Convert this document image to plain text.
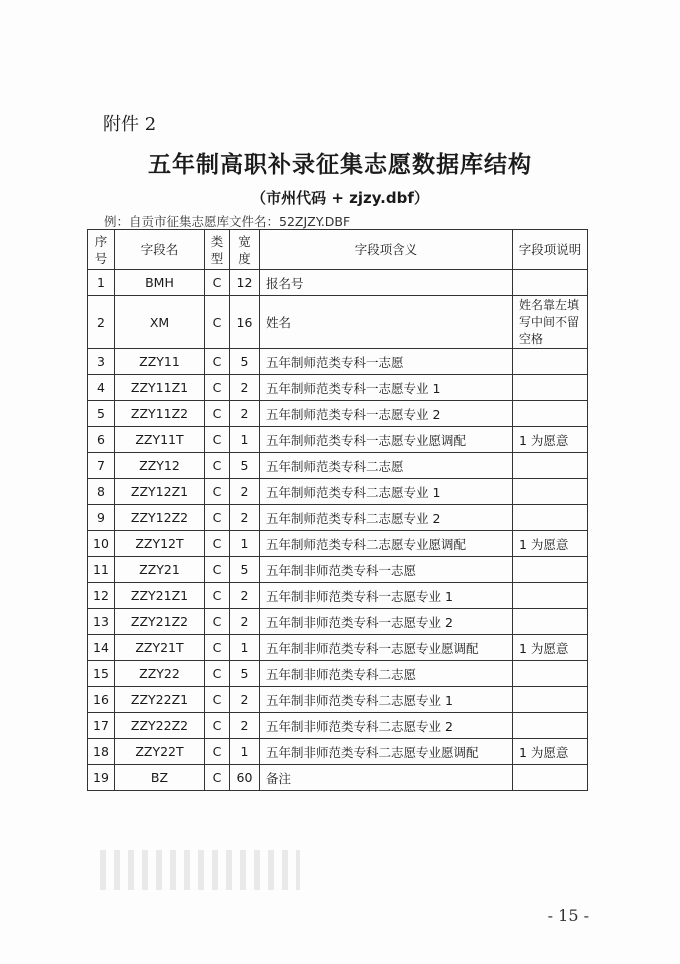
附件 2
五年制高职补录征集志愿数据库结构
（市州代码 + zjzy.dbf）
例：自贡市征集志愿库文件名：52ZJZY.DBF
序号	字段名	类型	宽度	字段项含义	字段项说明
1	BMH	C	12	报名号	
2	XM	C	16	姓名	姓名靠左填写中间不留空格
3	ZZY11	C	5	五年制师范类专科一志愿	
4	ZZY11Z1	C	2	五年制师范类专科一志愿专业 1	
5	ZZY11Z2	C	2	五年制师范类专科一志愿专业 2	
6	ZZY11T	C	1	五年制师范类专科一志愿专业愿调配	1 为愿意
7	ZZY12	C	5	五年制师范类专科二志愿	
8	ZZY12Z1	C	2	五年制师范类专科二志愿专业 1	
9	ZZY12Z2	C	2	五年制师范类专科二志愿专业 2	
10	ZZY12T	C	1	五年制师范类专科二志愿专业愿调配	1 为愿意
11	ZZY21	C	5	五年制非师范类专科一志愿	
12	ZZY21Z1	C	2	五年制非师范类专科一志愿专业 1	
13	ZZY21Z2	C	2	五年制非师范类专科一志愿专业 2	
14	ZZY21T	C	1	五年制非师范类专科一志愿专业愿调配	1 为愿意
15	ZZY22	C	5	五年制非师范类专科二志愿	
16	ZZY22Z1	C	2	五年制非师范类专科二志愿专业 1	
17	ZZY22Z2	C	2	五年制非师范类专科二志愿专业 2	
18	ZZY22T	C	1	五年制非师范类专科二志愿专业愿调配	1 为愿意
19	BZ	C	60	备注	
- 15 -
